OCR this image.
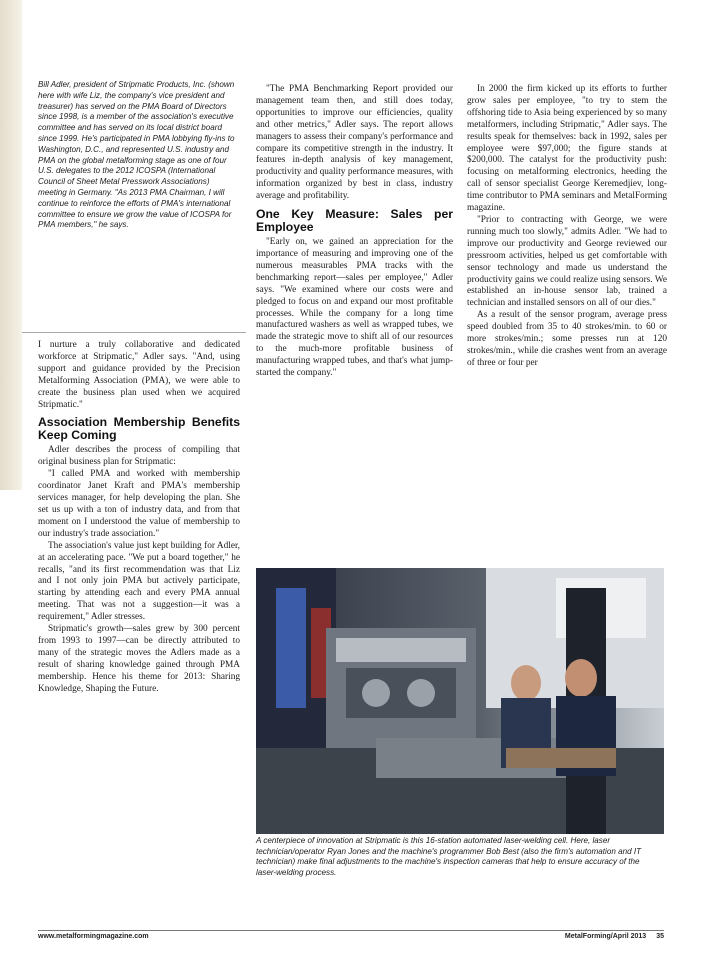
Bill Adler, president of Stripmatic Products, Inc. (shown here with wife Liz, the company's vice president and treasurer) has served on the PMA Board of Directors since 1998, is a member of the association's executive committee and has served on its local district board since 1999. He's participated in PMA lobbying fly-ins to Washington, D.C., and represented U.S. industry and PMA on the global metalforming stage as one of four U.S. delegates to the 2012 ICOSPA (International Council of Sheet Metal Presswork Associations) meeting in Germany. "As 2013 PMA Chairman, I will continue to reinforce the efforts of PMA's international committee to ensure we grow the value of ICOSPA for PMA members," he says.

I nurture a truly collaborative and dedicated workforce at Stripmatic," Adler says. "And, using support and guidance provided by the Precision Metalforming Association (PMA), we were able to create the business plan used when we acquired Stripmatic."

Association Membership Benefits Keep Coming

Adler describes the process of compiling that original business plan for Stripmatic:

"I called PMA and worked with membership coordinator Janet Kraft and PMA's membership services manager, for help developing the plan. She set us up with a ton of industry data, and from that moment on I understood the value of membership to our industry's trade association."

The association's value just kept building for Adler, at an accelerating pace. "We put a board together," he recalls, "and its first recommendation was that Liz and I not only join PMA but actively participate, starting by attending each and every PMA annual meeting. That was not a suggestion—it was a requirement," Adler stresses.

Stripmatic's growth—sales grew by 300 percent from 1993 to 1997—can be directly attributed to many of the strategic moves the Adlers made as a result of sharing knowledge gained through PMA membership. Hence his theme for 2013: Sharing Knowledge, Shaping the Future.

"The PMA Benchmarking Report provided our management team then, and still does today, opportunities to improve our efficiencies, quality and other metrics," Adler says. The report allows managers to assess their company's performance and compare its competitive strength in the industry. It features in-depth analysis of key management, productivity and quality performance measures, with information organized by best in class, industry average and profitability.

One Key Measure: Sales per Employee

"Early on, we gained an appreciation for the importance of measuring and improving one of the numerous measurables PMA tracks with the benchmarking report—sales per employee," Adler says. "We examined where our costs were and pledged to focus on and expand our most profitable processes. While the company for a long time manufactured washers as well as wrapped tubes, we made the strategic move to shift all of our resources to the much-more profitable business of manufacturing wrapped tubes, and that's what jump-started the company."

In 2000 the firm kicked up its efforts to further grow sales per employee, "to try to stem the offshoring tide to Asia being experienced by so many metalformers, including Stripmatic," Adler says. The results speak for themselves: back in 1992, sales per employee were $97,000; the figure stands at $200,000. The catalyst for the productivity push: focusing on metalforming electronics, heeding the call of sensor specialist George Keremedjiev, long-time contributor to PMA seminars and MetalForming magazine.

"Prior to contracting with George, we were running much too slowly," admits Adler. "We had to improve our productivity and George reviewed our pressroom activities, helped us get comfortable with sensor technology and made us understand the productivity gains we could realize using sensors. We established an in-house sensor lab, trained a technician and installed sensors on all of our dies."

As a result of the sensor program, average press speed doubled from 35 to 40 strokes/min. to 60 or more strokes/min.; some presses run at 120 strokes/min., while die crashes went from an average of three or four per

A centerpiece of innovation at Stripmatic is this 16-station automated laser-welding cell. Here, laser technician/operator Ryan Jones and the machine's programmer Bob Best (also the firm's automation and IT technician) make final adjustments to the machine's inspection cameras that help to ensure accuracy of the laser-welding process.
www.metalformingmagazine.com	MetalForming/April 2013 35
